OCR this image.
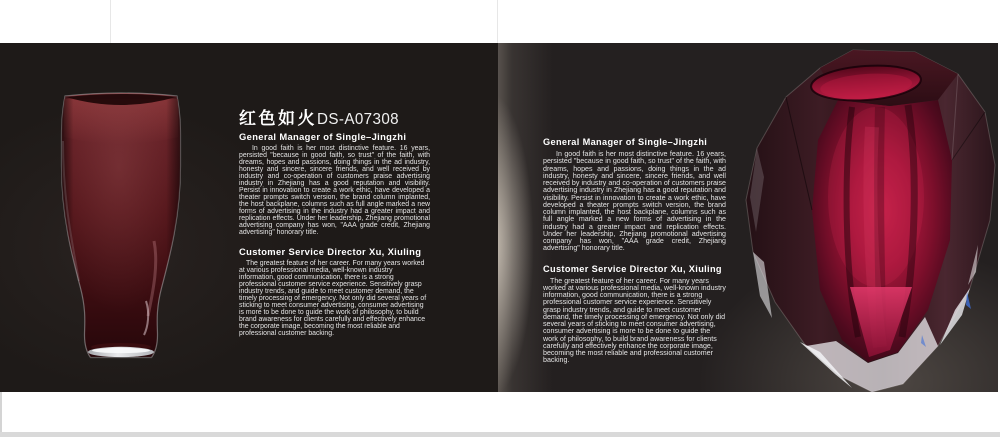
红色如火DS-A07308
General Manager of Single–Jingzhi

In good faith is her most distinctive feature. 16 years, persisted "because in good faith, so trust" of the faith, with dreams, hopes and passions, doing things in the ad industry, honesty and sincere, sincere friends, and well received by industry and co-operation of customers praise advertising industry in Zhejiang has a good reputation and visibility. Persist in innovation to create a work ethic, have developed a theater prompts switch version, the brand column implanted, the host backplane, columns such as full angle marked a new forms of advertising in the industry had a greater impact and replication effects. Under her leadership, Zhejiang promotional advertising company has won, "AAA grade credit, Zhejiang advertising" honorary title.

Customer Service Director Xu, Xiuling

The greatest feature of her career. For many years worked at various professional media, well-known industry information, good communication, there is a strong professional customer service experience. Sensitively grasp industry trends, and guide to meet customer demand, the timely processing of emergency. Not only did several years of sticking to meet consumer advertising, consumer advertising is more to be done to guide the work of philosophy, to build brand awareness for clients carefully and effectively enhance the corporate image, becoming the most reliable and professional customer backing.

General Manager of Single–Jingzhi

In good faith is her most distinctive feature. 16 years, persisted "because in good faith, so trust" of the faith, with dreams, hopes and passions, doing things in the ad industry, honesty and sincere, sincere friends, and well received by industry and co-operation of customers praise advertising industry in Zhejiang has a good reputation and visibility. Persist in innovation to create a work ethic, have developed a theater prompts switch version, the brand column implanted, the host backplane, columns such as full angle marked a new forms of advertising in the industry had a greater impact and replication effects. Under her leadership, Zhejiang promotional advertising company has won, "AAA grade credit, Zhejiang advertising" honorary title.

Customer Service Director Xu, Xiuling

The greatest feature of her career. For many years worked at various professional media, well-known industry information, good communication, there is a strong professional customer service experience. Sensitively grasp industry trends, and guide to meet customer demand, the timely processing of emergency. Not only did several years of sticking to meet consumer advertising, consumer advertising is more to be done to guide the work of philosophy, to build brand awareness for clients carefully and effectively enhance the corporate image, becoming the most reliable and professional customer backing.
